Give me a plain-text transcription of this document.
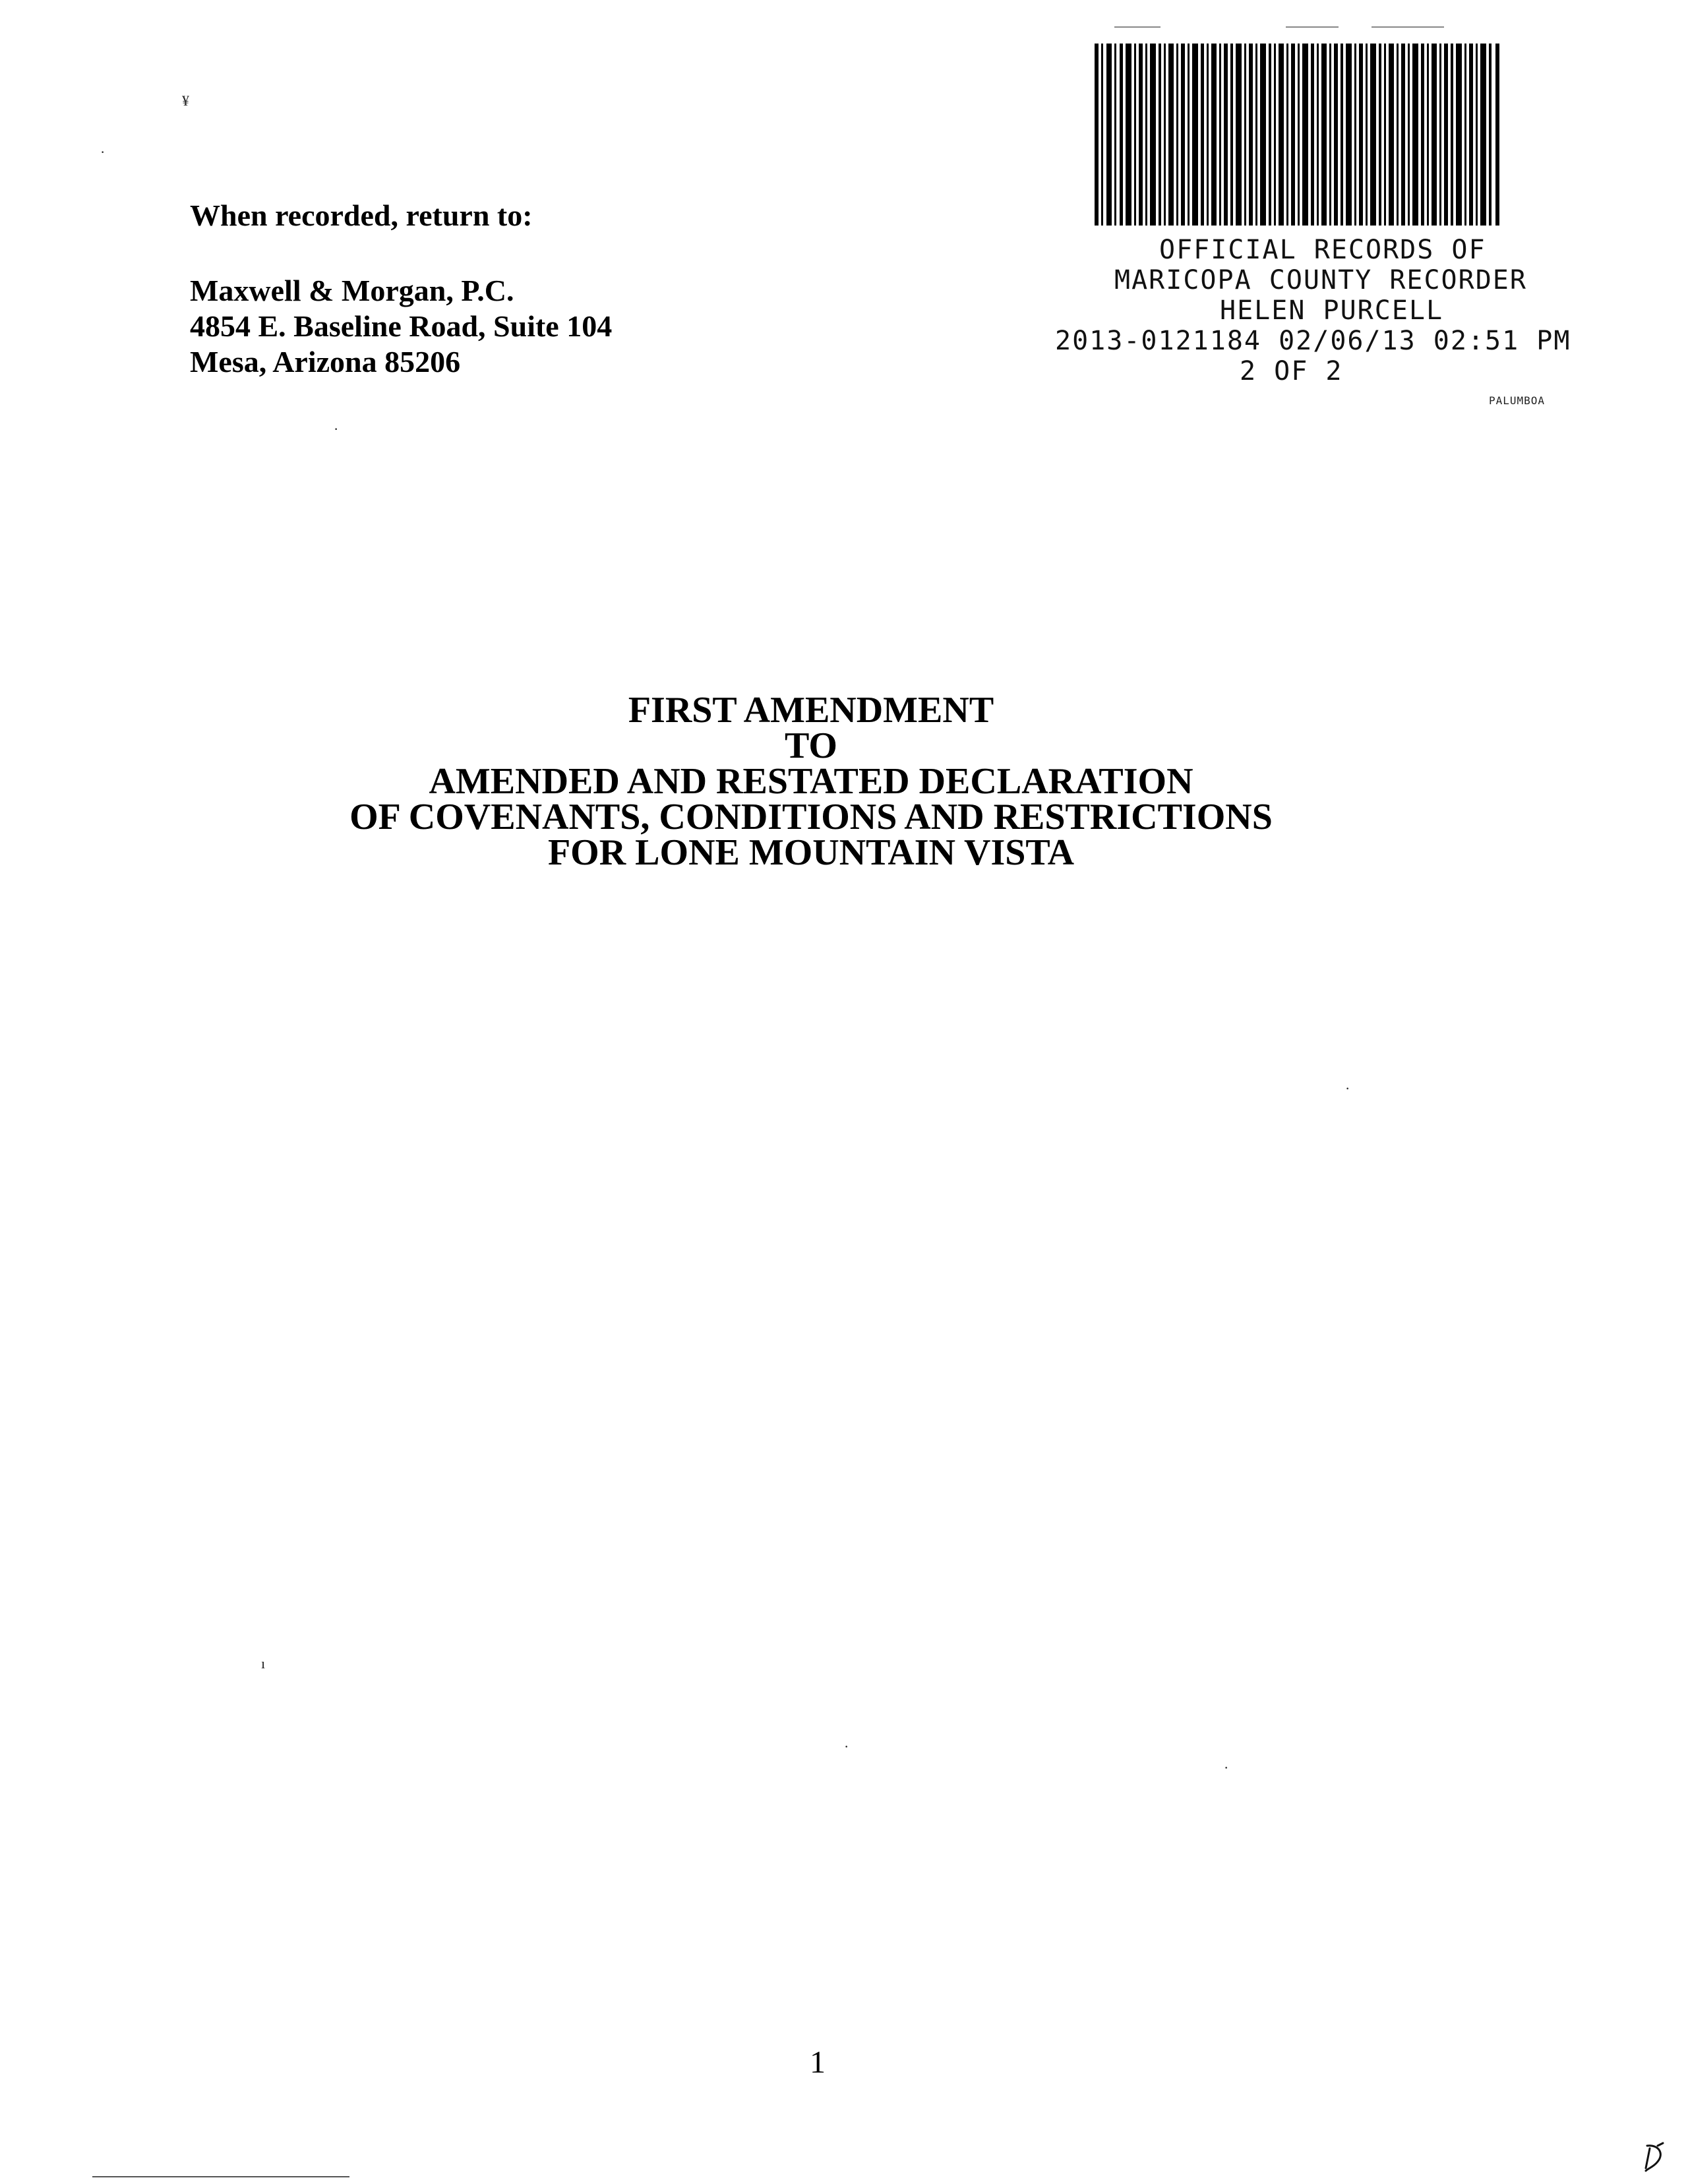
¥
·
When recorded, return to:
Maxwell & Morgan, P.C.
4854 E. Baseline Road, Suite 104
Mesa, Arizona 85206
OFFICIAL RECORDS OF
MARICOPA COUNTY RECORDER
HELEN PURCELL
2013-0121184 02/06/13 02:51 PM
2 OF 2
PALUMBOA
FIRST AMENDMENT
TO
AMENDED AND RESTATED DECLARATION
OF COVENANTS, CONDITIONS AND RESTRICTIONS
FOR LONE MOUNTAIN VISTA
·
·
·
·
ı
1
